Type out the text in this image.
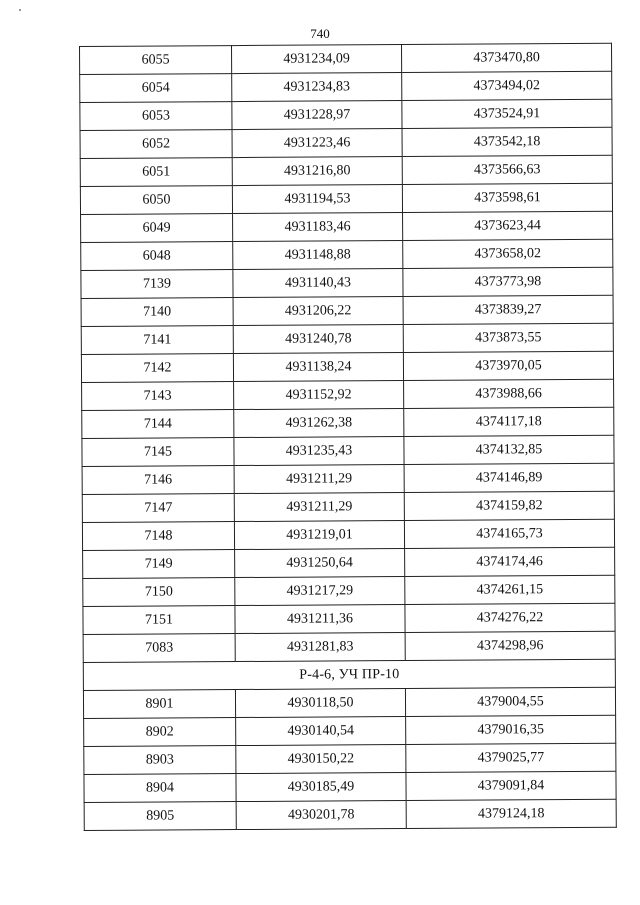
740
6055	4931234,09	4373470,80
6054	4931234,83	4373494,02
6053	4931228,97	4373524,91
6052	4931223,46	4373542,18
6051	4931216,80	4373566,63
6050	4931194,53	4373598,61
6049	4931183,46	4373623,44
6048	4931148,88	4373658,02
7139	4931140,43	4373773,98
7140	4931206,22	4373839,27
7141	4931240,78	4373873,55
7142	4931138,24	4373970,05
7143	4931152,92	4373988,66
7144	4931262,38	4374117,18
7145	4931235,43	4374132,85
7146	4931211,29	4374146,89
7147	4931211,29	4374159,82
7148	4931219,01	4374165,73
7149	4931250,64	4374174,46
7150	4931217,29	4374261,15
7151	4931211,36	4374276,22
7083	4931281,83	4374298,96
Р-4-6, УЧ ПР-10		
8901	4930118,50	4379004,55
8902	4930140,54	4379016,35
8903	4930150,22	4379025,77
8904	4930185,49	4379091,84
8905	4930201,78	4379124,18
